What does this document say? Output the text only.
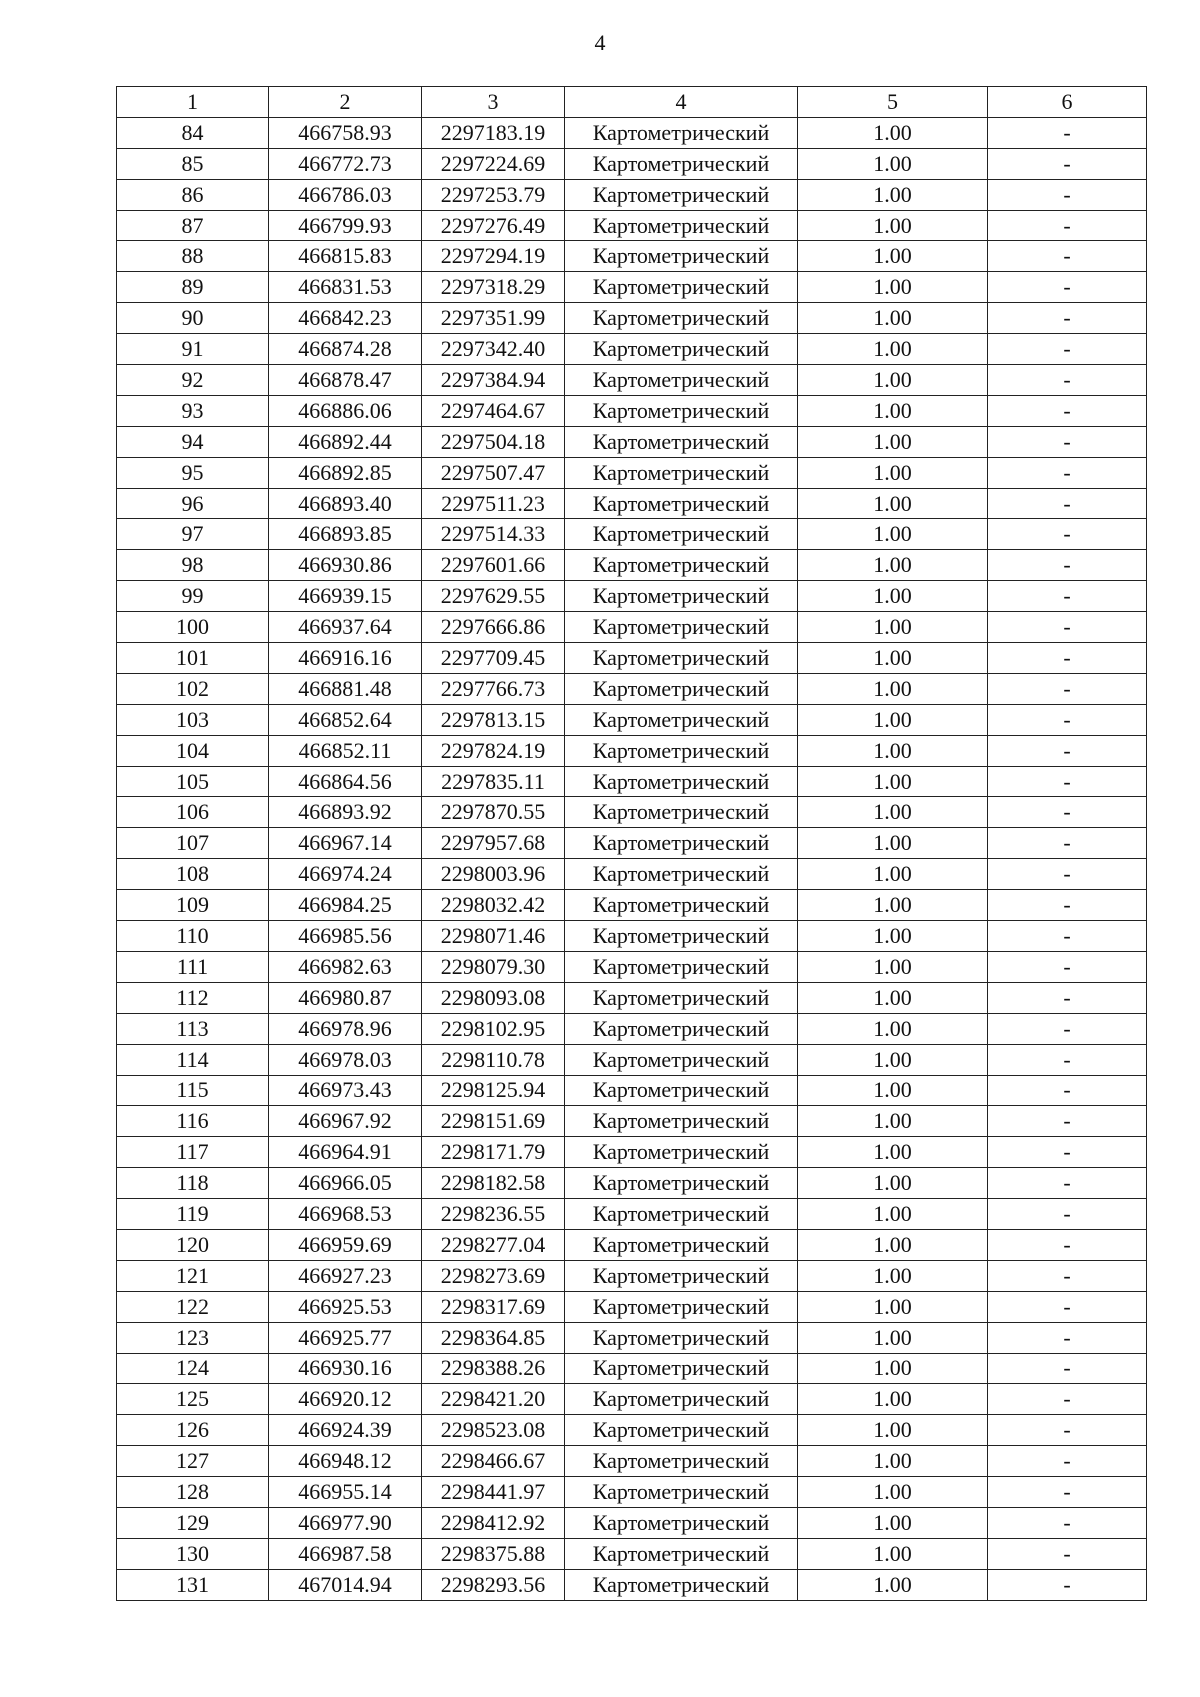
4
1	2	3	4	5	6
84	466758.93	2297183.19	Картометрический	1.00	-
85	466772.73	2297224.69	Картометрический	1.00	-
86	466786.03	2297253.79	Картометрический	1.00	-
87	466799.93	2297276.49	Картометрический	1.00	-
88	466815.83	2297294.19	Картометрический	1.00	-
89	466831.53	2297318.29	Картометрический	1.00	-
90	466842.23	2297351.99	Картометрический	1.00	-
91	466874.28	2297342.40	Картометрический	1.00	-
92	466878.47	2297384.94	Картометрический	1.00	-
93	466886.06	2297464.67	Картометрический	1.00	-
94	466892.44	2297504.18	Картометрический	1.00	-
95	466892.85	2297507.47	Картометрический	1.00	-
96	466893.40	2297511.23	Картометрический	1.00	-
97	466893.85	2297514.33	Картометрический	1.00	-
98	466930.86	2297601.66	Картометрический	1.00	-
99	466939.15	2297629.55	Картометрический	1.00	-
100	466937.64	2297666.86	Картометрический	1.00	-
101	466916.16	2297709.45	Картометрический	1.00	-
102	466881.48	2297766.73	Картометрический	1.00	-
103	466852.64	2297813.15	Картометрический	1.00	-
104	466852.11	2297824.19	Картометрический	1.00	-
105	466864.56	2297835.11	Картометрический	1.00	-
106	466893.92	2297870.55	Картометрический	1.00	-
107	466967.14	2297957.68	Картометрический	1.00	-
108	466974.24	2298003.96	Картометрический	1.00	-
109	466984.25	2298032.42	Картометрический	1.00	-
110	466985.56	2298071.46	Картометрический	1.00	-
111	466982.63	2298079.30	Картометрический	1.00	-
112	466980.87	2298093.08	Картометрический	1.00	-
113	466978.96	2298102.95	Картометрический	1.00	-
114	466978.03	2298110.78	Картометрический	1.00	-
115	466973.43	2298125.94	Картометрический	1.00	-
116	466967.92	2298151.69	Картометрический	1.00	-
117	466964.91	2298171.79	Картометрический	1.00	-
118	466966.05	2298182.58	Картометрический	1.00	-
119	466968.53	2298236.55	Картометрический	1.00	-
120	466959.69	2298277.04	Картометрический	1.00	-
121	466927.23	2298273.69	Картометрический	1.00	-
122	466925.53	2298317.69	Картометрический	1.00	-
123	466925.77	2298364.85	Картометрический	1.00	-
124	466930.16	2298388.26	Картометрический	1.00	-
125	466920.12	2298421.20	Картометрический	1.00	-
126	466924.39	2298523.08	Картометрический	1.00	-
127	466948.12	2298466.67	Картометрический	1.00	-
128	466955.14	2298441.97	Картометрический	1.00	-
129	466977.90	2298412.92	Картометрический	1.00	-
130	466987.58	2298375.88	Картометрический	1.00	-
131	467014.94	2298293.56	Картометрический	1.00	-
